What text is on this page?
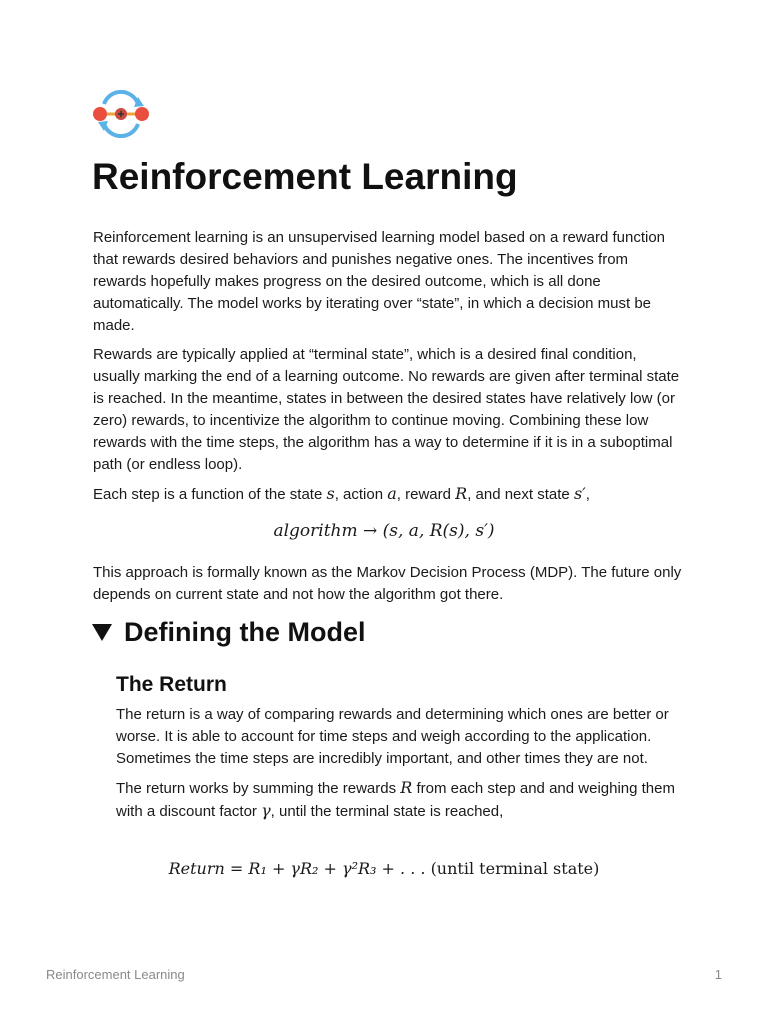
Reinforcement Learning

Reinforcement learning is an unsupervised learning model based on a reward function that rewards desired behaviors and punishes negative ones. The incentives from rewards hopefully makes progress on the desired outcome, which is all done automatically. The model works by iterating over “state”, in which a decision must be made.

Rewards are typically applied at “terminal state”, which is a desired final condition, usually marking the end of a learning outcome. No rewards are given after terminal state is reached. In the meantime, states in between the desired states have relatively low (or zero) rewards, to incentivize the algorithm to continue moving. Combining these low rewards with the time steps, the algorithm has a way to determine if it is in a suboptimal path (or endless loop).

Each step is a function of the state s, action a, reward R, and next state s′,

algorithm → (s, a, R(s), s′)

This approach is formally known as the Markov Decision Process (MDP). The future only depends on current state and not how the algorithm got there.

Defining the Model
The Return

The return is a way of comparing rewards and determining which ones are better or worse. It is able to account for time steps and weigh according to the application. Sometimes the time steps are incredibly important, and other times they are not.

The return works by summing the rewards R from each step and and weighing them with a discount factor γ, until the terminal state is reached,

Return = R₁ + γR₂ + γ²R₃ + . . . (until terminal state)
Reinforcement Learning	1
